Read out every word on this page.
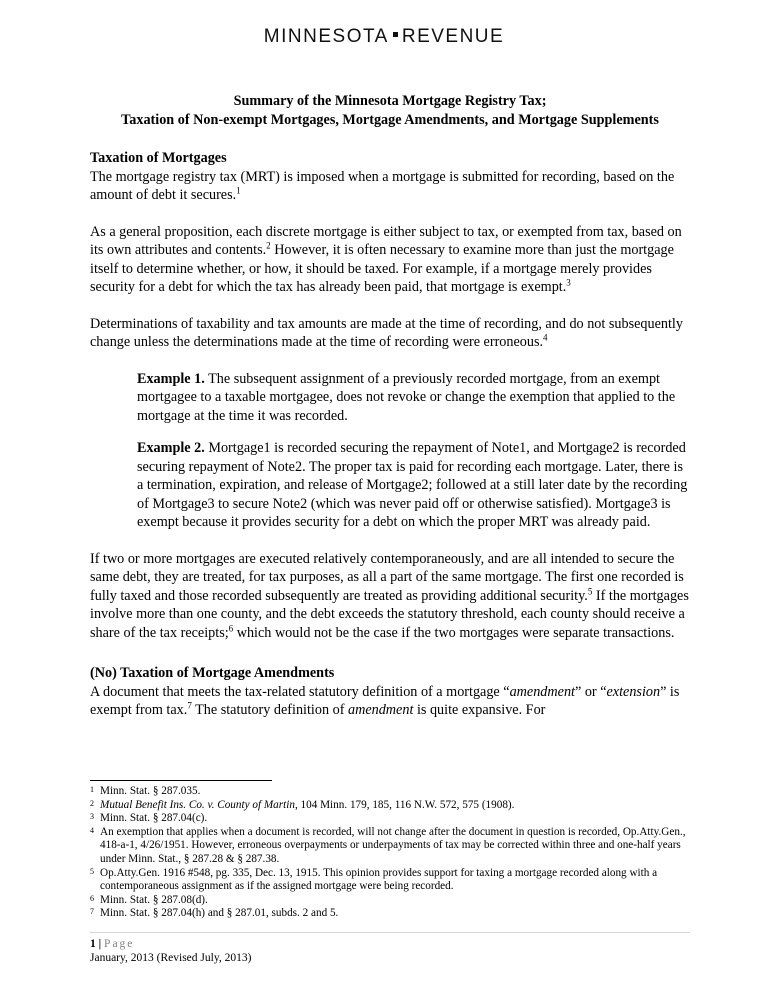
MINNESOTA REVENUE
Summary of the Minnesota Mortgage Registry Tax;
Taxation of Non-exempt Mortgages, Mortgage Amendments, and Mortgage Supplements
Taxation of Mortgages

The mortgage registry tax (MRT) is imposed when a mortgage is submitted for recording, based on the amount of debt it secures.$^1$

As a general proposition, each discrete mortgage is either subject to tax, or exempted from tax, based on its own attributes and contents.$^2$ However, it is often necessary to examine more than just the mortgage itself to determine whether, or how, it should be taxed. For example, if a mortgage merely provides security for a debt for which the tax has already been paid, that mortgage is exempt.$^3$

Determinations of taxability and tax amounts are made at the time of recording, and do not subsequently change unless the determinations made at the time of recording were erroneous.$^4$

Example 1. The subsequent assignment of a previously recorded mortgage, from an exempt mortgagee to a taxable mortgagee, does not revoke or change the exemption that applied to the mortgage at the time it was recorded.

Example 2. Mortgage1 is recorded securing the repayment of Note1, and Mortgage2 is recorded securing repayment of Note2. The proper tax is paid for recording each mortgage. Later, there is a termination, expiration, and release of Mortgage2; followed at a still later date by the recording of Mortgage3 to secure Note2 (which was never paid off or otherwise satisfied). Mortgage3 is exempt because it provides security for a debt on which the proper MRT was already paid.

If two or more mortgages are executed relatively contemporaneously, and are all intended to secure the same debt, they are treated, for tax purposes, as all a part of the same mortgage. The first one recorded is fully taxed and those recorded subsequently are treated as providing additional security.$^5$ If the mortgages involve more than one county, and the debt exceeds the statutory threshold, each county should receive a share of the tax receipts;$^6$ which would not be the case if the two mortgages were separate transactions.

(No) Taxation of Mortgage Amendments

A document that meets the tax-related statutory definition of a mortgage “amendment” or “extension” is exempt from tax.$^7$ The statutory definition of amendment is quite expansive. For

1 Minn. Stat. § 287.035.
2 Mutual Benefit Ins. Co. v. County of Martin, 104 Minn. 179, 185, 116 N.W. 572, 575 (1908).
3 Minn. Stat. § 287.04(c).
4 An exemption that applies when a document is recorded, will not change after the document in question is recorded, Op.Atty.Gen., 418-a-1, 4/26/1951. However, erroneous overpayments or underpayments of tax may be corrected within three and one-half years under Minn. Stat., § 287.28 & § 287.38.
5 Op.Atty.Gen. 1916 #548, pg. 335, Dec. 13, 1915. This opinion provides support for taxing a mortgage recorded along with a contemporaneous assignment as if the assigned mortgage were being recorded.
6 Minn. Stat. § 287.08(d).
7 Minn. Stat. § 287.04(h) and § 287.01, subds. 2 and 5.
1 | Page
January, 2013 (Revised July, 2013)
